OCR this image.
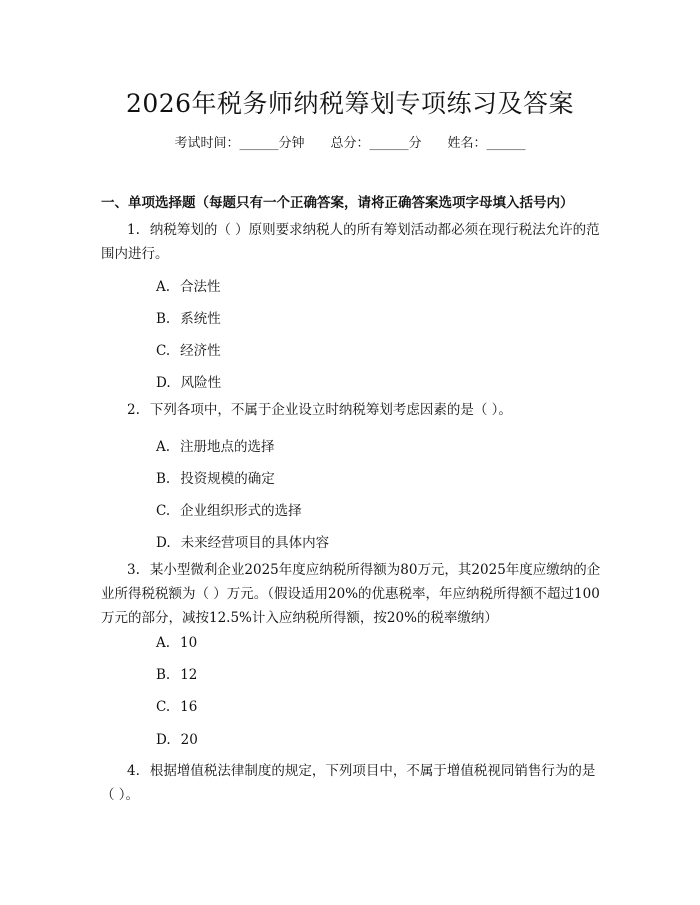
2026年税务师纳税筹划专项练习及答案
考试时间：______分钟 总分：______分 姓名：______
一、单项选择题（每题只有一个正确答案，请将正确答案选项字母填入括号内）
1. 纳税筹划的（ ）原则要求纳税人的所有筹划活动都必须在现行税法允许的范围内进行。
A. 合法性
B. 系统性
C. 经济性
D. 风险性
2. 下列各项中，不属于企业设立时纳税筹划考虑因素的是（ ）。
A. 注册地点的选择
B. 投资规模的确定
C. 企业组织形式的选择
D. 未来经营项目的具体内容
3. 某小型微利企业2025年度应纳税所得额为80万元，其2025年度应缴纳的企业所得税税额为（ ）万元。（假设适用20%的优惠税率，年应纳税所得额不超过100万元的部分，减按12.5%计入应纳税所得额，按20%的税率缴纳）
A. 10
B. 12
C. 16
D. 20
4. 根据增值税法律制度的规定，下列项目中，不属于增值税视同销售行为的是（ ）。
